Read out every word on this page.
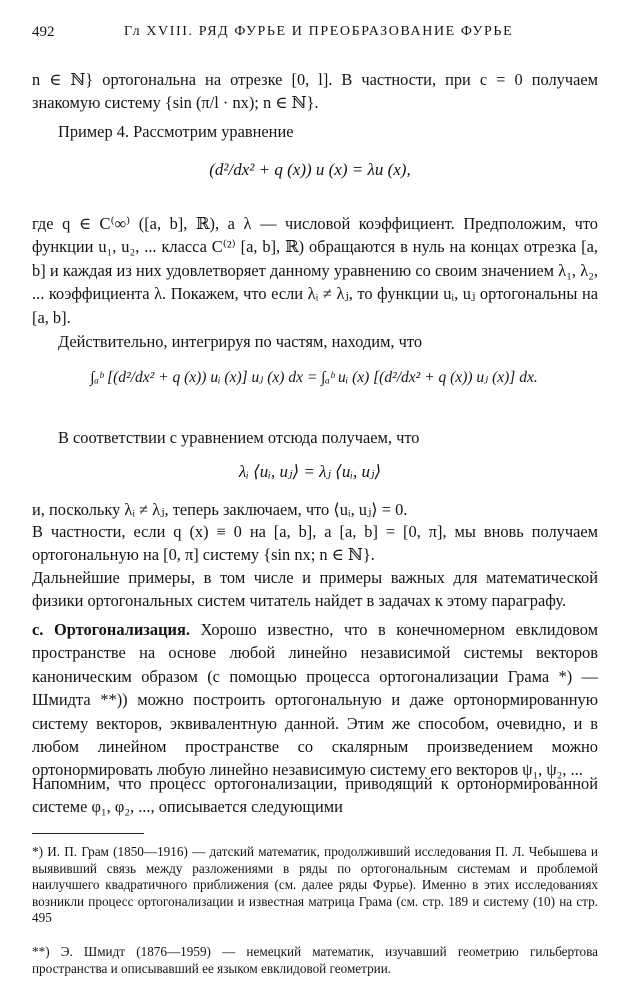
492	Гл XVIII. РЯД ФУРЬЕ И ПРЕОБРАЗОВАНИЕ ФУРЬЕ

n ∈ ℕ} ортогональна на отрезке [0, l]. В частности, при c = 0 получаем знакомую систему {sin (π/l · nx); n ∈ ℕ}.

Пример 4. Рассмотрим уравнение

(d²/dx² + q (x)) u (x) = λu (x),

где q ∈ C⁽∞⁾ ([a, b], ℝ), а λ — числовой коэффициент. Предположим, что функции u₁, u₂, ... класса C⁽²⁾ [a, b], ℝ) обращаются в нуль на концах отрезка [a, b] и каждая из них удовлетворяет данному уравнению со своим значением λ₁, λ₂, ... коэффициента λ. Покажем, что если λᵢ ≠ λⱼ, то функции uᵢ, uⱼ ортогональны на [a, b].

Действительно, интегрируя по частям, находим, что

∫ₐᵇ [(d²/dx² + q (x)) uᵢ (x)] uⱼ (x) dx = ∫ₐᵇ uᵢ (x) [(d²/dx² + q (x)) uⱼ (x)] dx.

В соответствии с уравнением отсюда получаем, что

λᵢ ⟨uᵢ, uⱼ⟩ = λⱼ ⟨uᵢ, uⱼ⟩

и, поскольку λᵢ ≠ λⱼ, теперь заключаем, что ⟨uᵢ, uⱼ⟩ = 0.

В частности, если q (x) ≡ 0 на [a, b], а [a, b] = [0, π], мы вновь получаем ортогональную на [0, π] систему {sin nx; n ∈ ℕ}.

Дальнейшие примеры, в том числе и примеры важных для математической физики ортогональных систем читатель найдет в задачах к этому параграфу.

c. Ортогонализация. Хорошо известно, что в конечномерном евклидовом пространстве на основе любой линейно независимой системы векторов каноническим образом (с помощью процесса ортогонализации Грама *) — Шмидта **)) можно построить ортогональную и даже ортонормированную систему векторов, эквивалентную данной. Этим же способом, очевидно, и в любом линейном пространстве со скалярным произведением можно ортонормировать любую линейно независимую систему его векторов ψ₁, ψ₂, ...

Напомним, что процесс ортогонализации, приводящий к ортонормированной системе φ₁, φ₂, ..., описывается следующими

*) И. П. Грам (1850—1916) — датский математик, продолживший исследования П. Л. Чебышева и выявивший связь между разложениями в ряды по ортогональным системам и проблемой наилучшего квадратичного приближения (см. далее ряды Фурье). Именно в этих исследованиях возникли процесс ортогонализации и известная матрица Грама (см. стр. 189 и систему (10) на стр. 495

**) Э. Шмидт (1876—1959) — немецкий математик, изучавший геометрию гильбертова пространства и описывавший ее языком евклидовой геометрии.
